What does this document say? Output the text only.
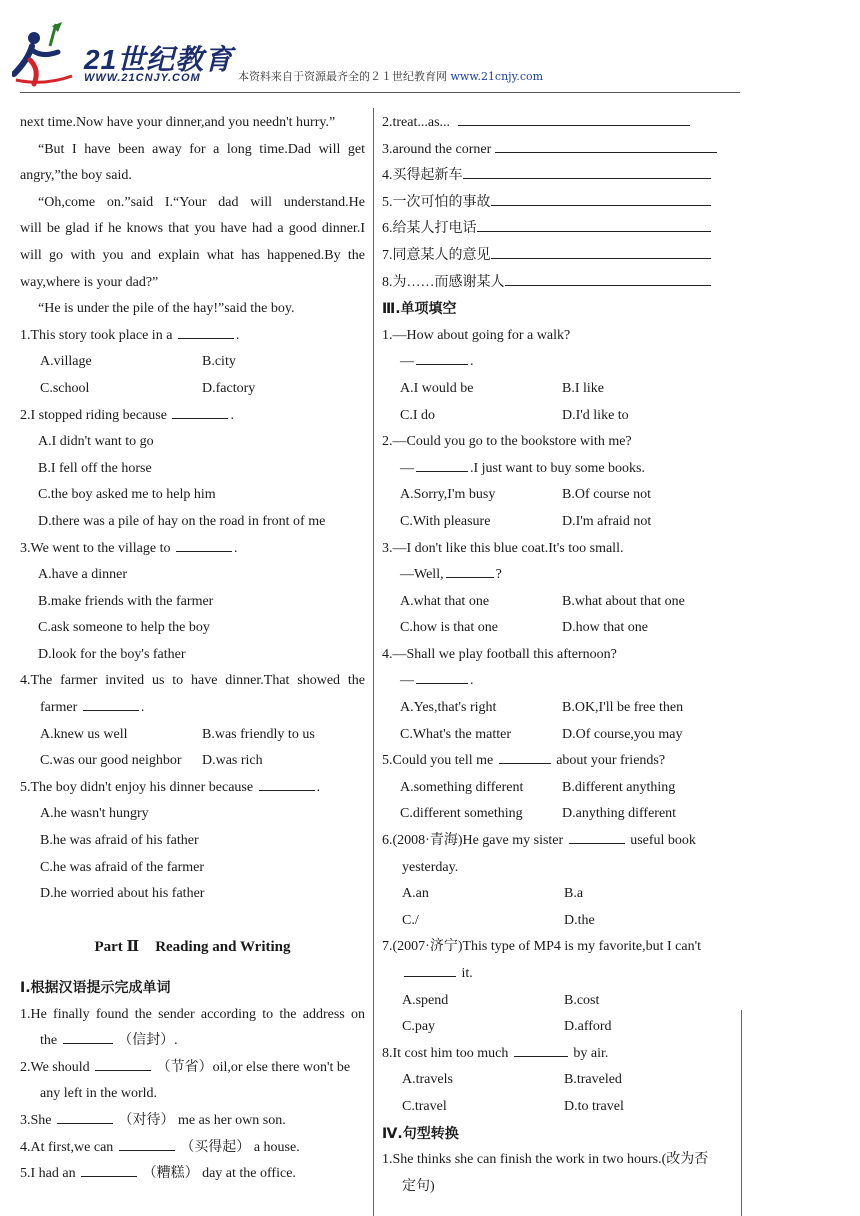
21世纪教育
WWW.21CNJY.COM	本资料来自于资源最齐全的２１世纪教育网 www.21cnjy.com
next time.Now have your dinner,and you needn't hurry.”
“But I have been away for a long time.Dad will get
angry,”the boy said.
“Oh,come on.”said I.“Your dad will understand.He
will be glad if he knows that you have had a good dinner.I
will go with you and explain what has happened.By the
way,where is your dad?”
“He is under the pile of the hay!”said the boy.
1.This story took place in a	.
A.village	B.city
C.school	D.factory
2.I stopped riding because	.
A.I didn't want to go
B.I fell off the horse
C.the boy asked me to help him
D.there was a pile of hay on the road in front of me
3.We went to the village to	.
A.have a dinner
B.make friends with the farmer
C.ask someone to help the boy
D.look for the boy's father
4.The farmer invited us to have dinner.That showed the
farmer	.
A.knew us well	B.was friendly to us
C.was our good neighbor	D.was rich
5.The boy didn't enjoy his dinner because	.
A.he wasn't hungry
B.he was afraid of his father
C.he was afraid of the farmer
D.he worried about his father
Part Ⅱ Reading and Writing
Ⅰ.根据汉语提示完成单词
1.He finally found the sender according to the address on
the	（信封）.
2.We should	（节省）oil,or else there won't be
any left in the world.
3.She	（对待） me as her own son.
4.At first,we can	（买得起） a house.
5.I had an	（糟糕） day at the office.
2.treat...as...
3.around the corner
4.买得起新车
5.一次可怕的事故
6.给某人打电话
7.同意某人的意见
8.为……而感谢某人
Ⅲ.单项填空
1.—How about going for a walk?
—	.
A.I would be	B.I like
C.I do	D.I'd like to
2.—Could you go to the bookstore with me?
—	.I just want to buy some books.
A.Sorry,I'm busy	B.Of course not
C.With pleasure	D.I'm afraid not
3.—I don't like this blue coat.It's too small.
—Well,	?
A.what that one	B.what about that one
C.how is that one	D.how that one
4.—Shall we play football this afternoon?
—	.
A.Yes,that's right	B.OK,I'll be free then
C.What's the matter	D.Of course,you may
5.Could you tell me	about your friends?
A.something different	B.different anything
C.different something	D.anything different
6.(2008·青海)He gave my sister	useful book
yesterday.
A.an	B.a
C./	D.the
7.(2007·济宁)This type of MP4 is my favorite,but I can't
it.
A.spend	B.cost
C.pay	D.afford
8.It cost him too much	by air.
A.travels	B.traveled
C.travel	D.to travel
Ⅳ.句型转换
1.She thinks she can finish the work in two hours.(改为否
定句)
